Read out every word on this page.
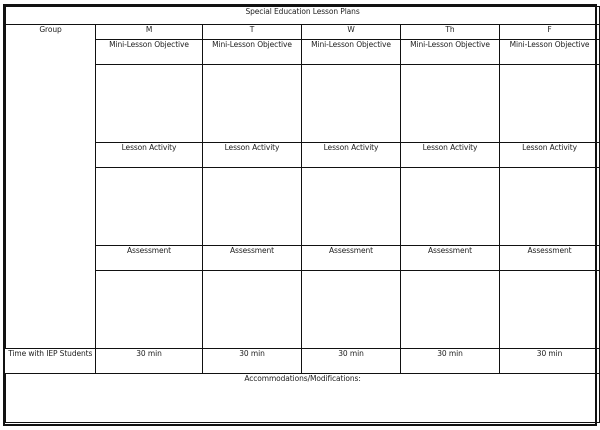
Special Education Lesson Plans					
Group	M	T	W	Th	F
	Mini-Lesson Objective	Mini-Lesson Objective	Mini-Lesson Objective	Mini-Lesson Objective	Mini-Lesson Objective

	Lesson Activity	Lesson Activity	Lesson Activity	Lesson Activity	Lesson Activity

	Assessment	Assessment	Assessment	Assessment	Assessment

Time with IEP Students	30 min	30 min	30 min	30 min	30 min
Accommodations/Modifications:					
